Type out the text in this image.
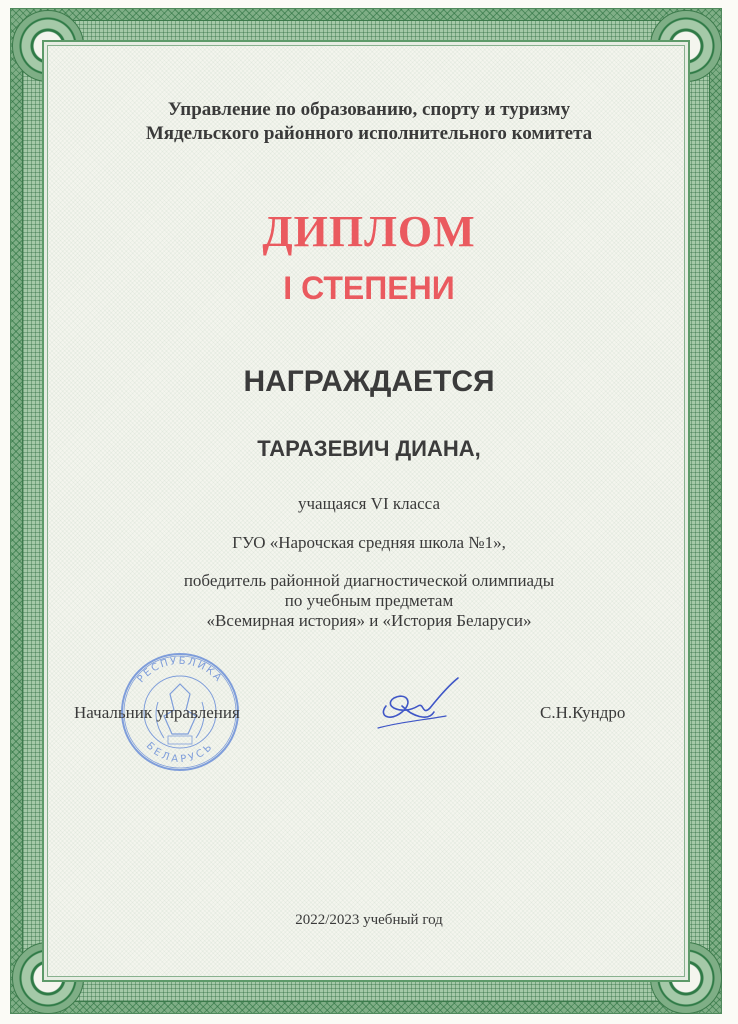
Управление по образованию, спорту и туризму
Мядельского районного исполнительного комитета
ДИПЛОМ
I СТЕПЕНИ
НАГРАЖДАЕТСЯ
ТАРАЗЕВИЧ ДИАНА,
учащаяся VI класса
ГУО «Нарочская средняя школа №1»,
победитель районной диагностической олимпиады
по учебным предметам
«Всемирная история» и «История Беларуси»
РЕСПУБЛИКА
БЕЛАРУСЬ
Начальник управления	С.Н.Кундро
2022/2023 учебный год
